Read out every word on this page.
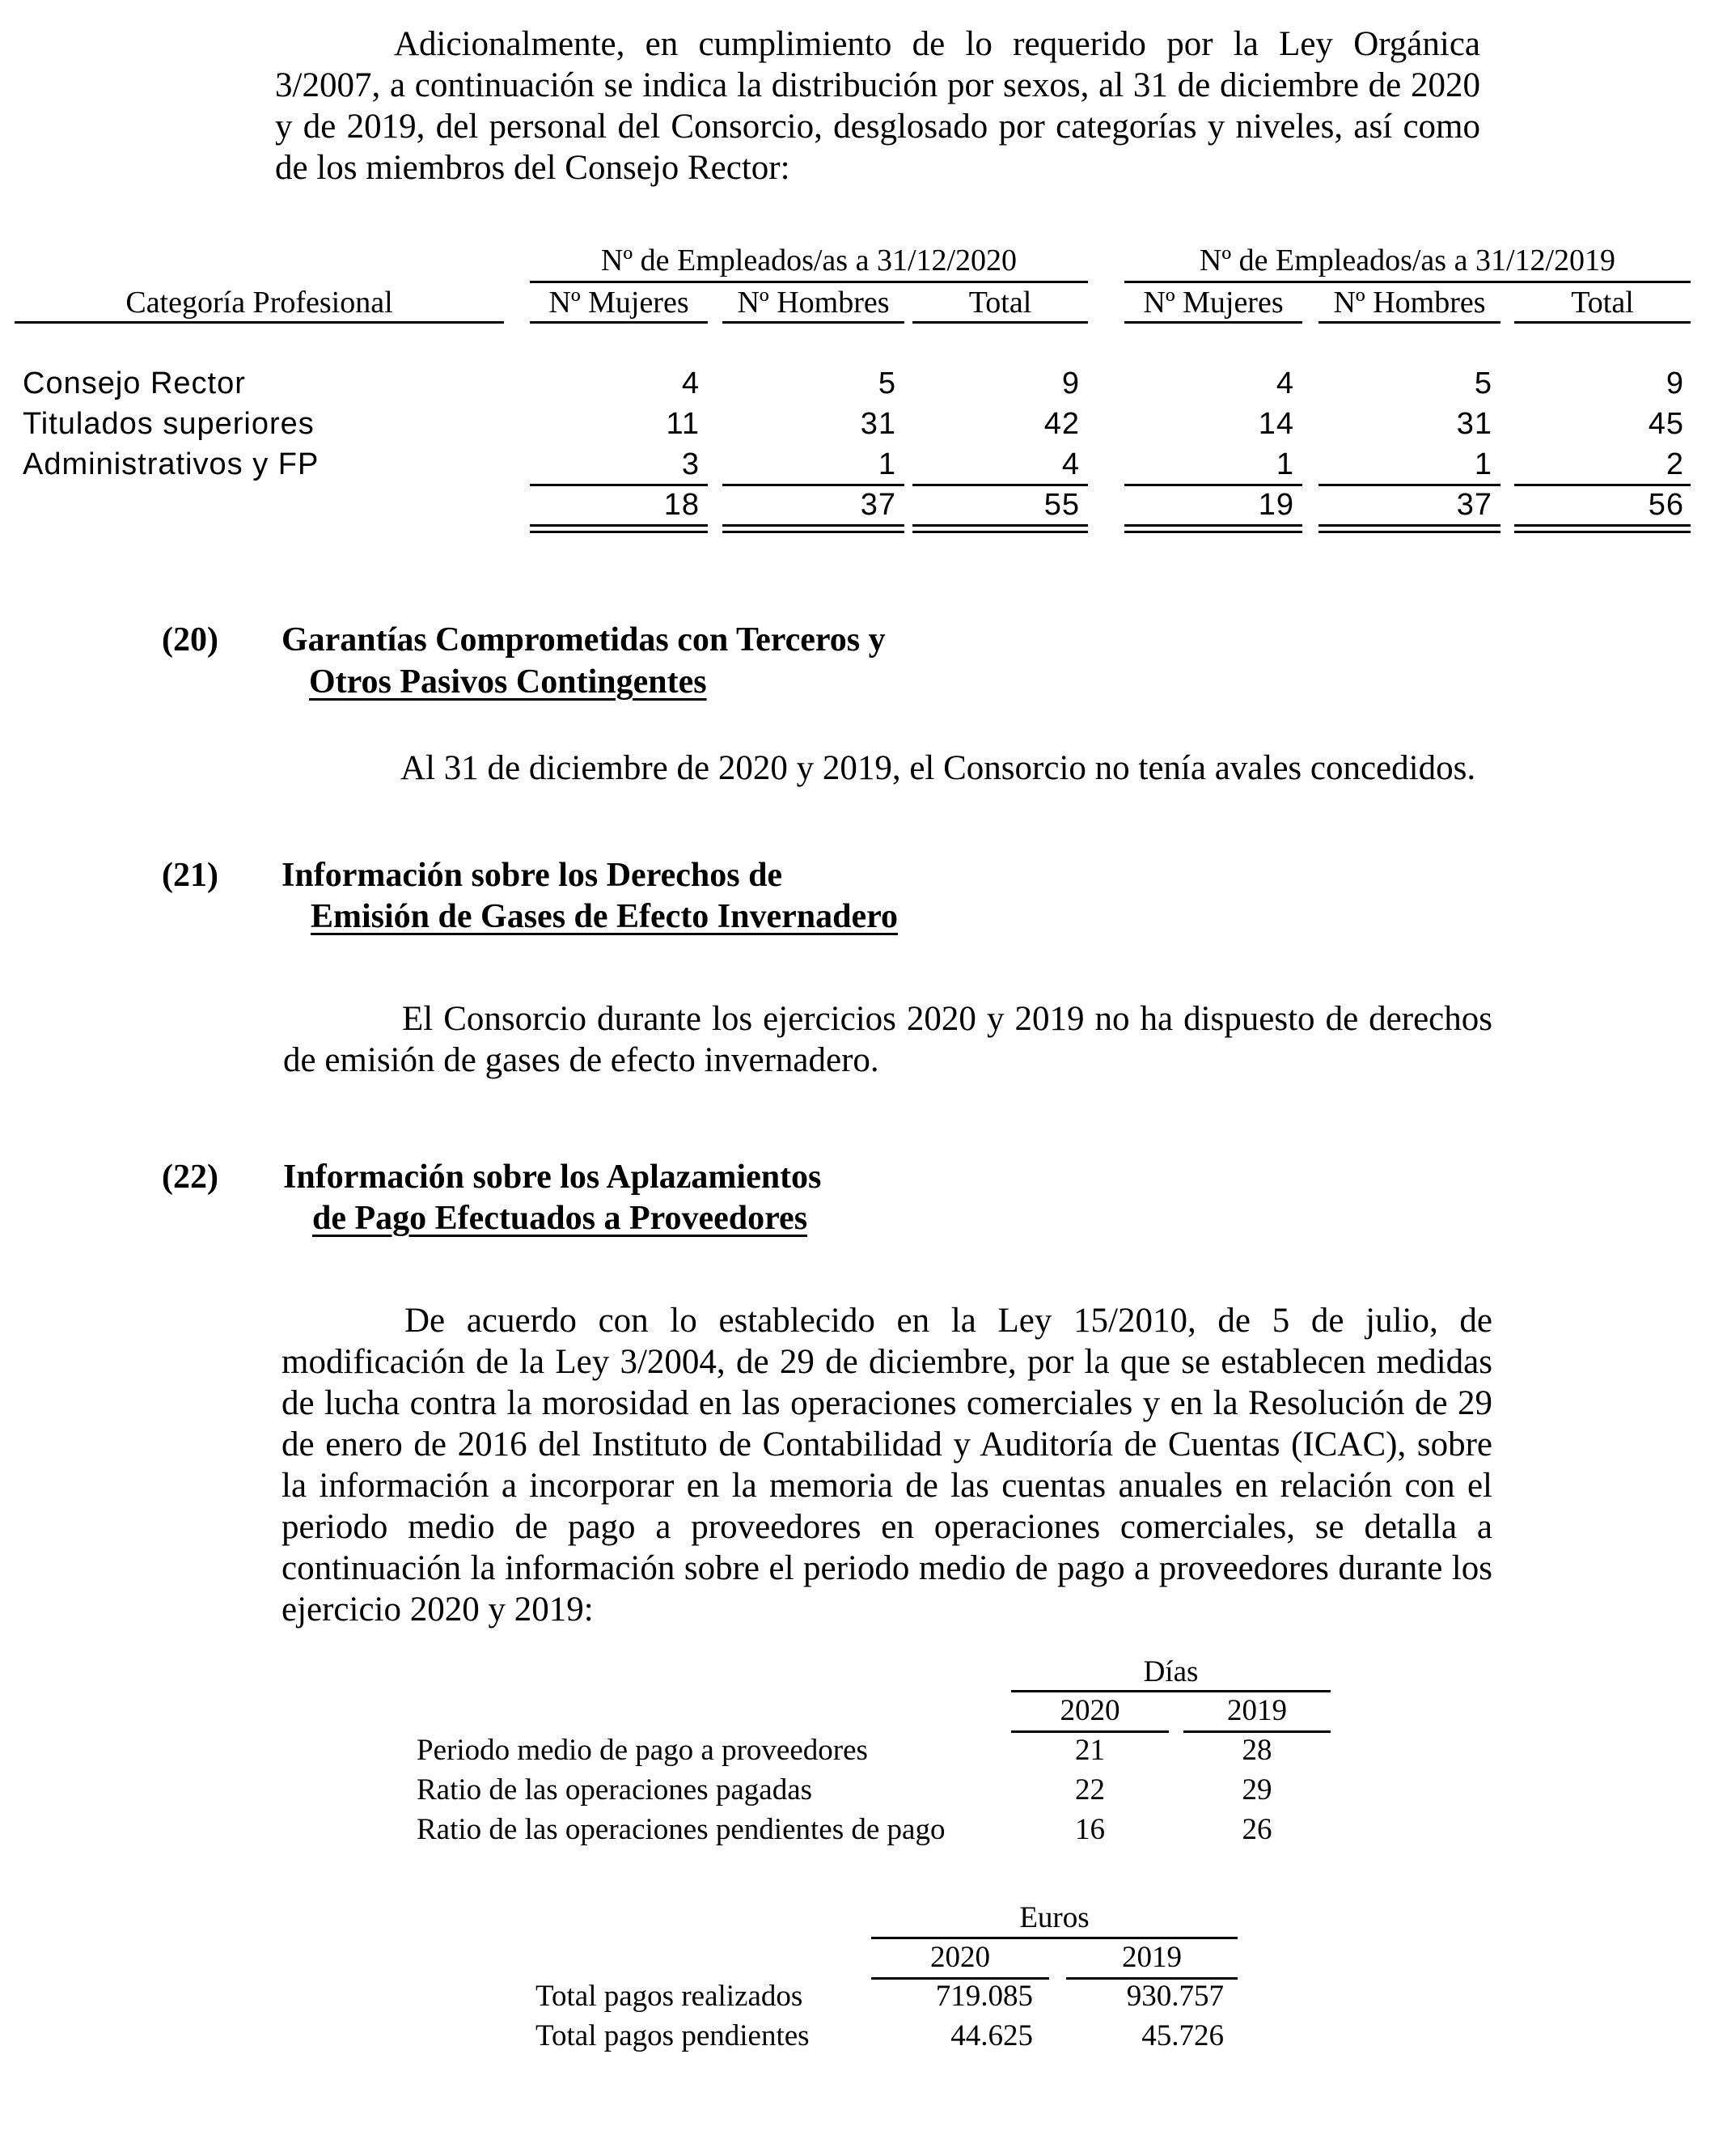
Adicionalmente, en cumplimiento de lo requerido por la Ley Orgánica 3/2007, a continuación se indica la distribución por sexos, al 31 de diciembre de 2020 y de 2019, del personal del Consorcio, desglosado por categorías y niveles, así como de los miembros del Consejo Rector:
Nº de Empleados/as a 31/12/2020	Nº de Empleados/as a 31/12/2019
Categoría Profesional	Nº Mujeres	Nº Hombres	Total	Nº Mujeres	Nº Hombres	Total
Consejo Rector	4	5	9	4	5	9
Titulados superiores	11	31	42	14	31	45
Administrativos y FP	3	1	4	1	1	2
18	37	55	19	37	56
(20) Garantías Comprometidas con Terceros y
Otros Pasivos Contingentes
Al 31 de diciembre de 2020 y 2019, el Consorcio no tenía avales concedidos.
(21) Información sobre los Derechos de
Emisión de Gases de Efecto Invernadero
El Consorcio durante los ejercicios 2020 y 2019 no ha dispuesto de derechos de emisión de gases de efecto invernadero.
(22) Información sobre los Aplazamientos
de Pago Efectuados a Proveedores
De acuerdo con lo establecido en la Ley 15/2010, de 5 de julio, de modificación de la Ley 3/2004, de 29 de diciembre, por la que se establecen medidas de lucha contra la morosidad en las operaciones comerciales y en la Resolución de 29 de enero de 2016 del Instituto de Contabilidad y Auditoría de Cuentas (ICAC), sobre la información a incorporar en la memoria de las cuentas anuales en relación con el periodo medio de pago a proveedores en operaciones comerciales, se detalla a continuación la información sobre el periodo medio de pago a proveedores durante los ejercicio 2020 y 2019:
Días
2020	2019
Periodo medio de pago a proveedores	21	28
Ratio de las operaciones pagadas	22	29
Ratio de las operaciones pendientes de pago	16	26
Euros
2020	2019
Total pagos realizados	719.085	930.757
Total pagos pendientes	44.625	45.726
